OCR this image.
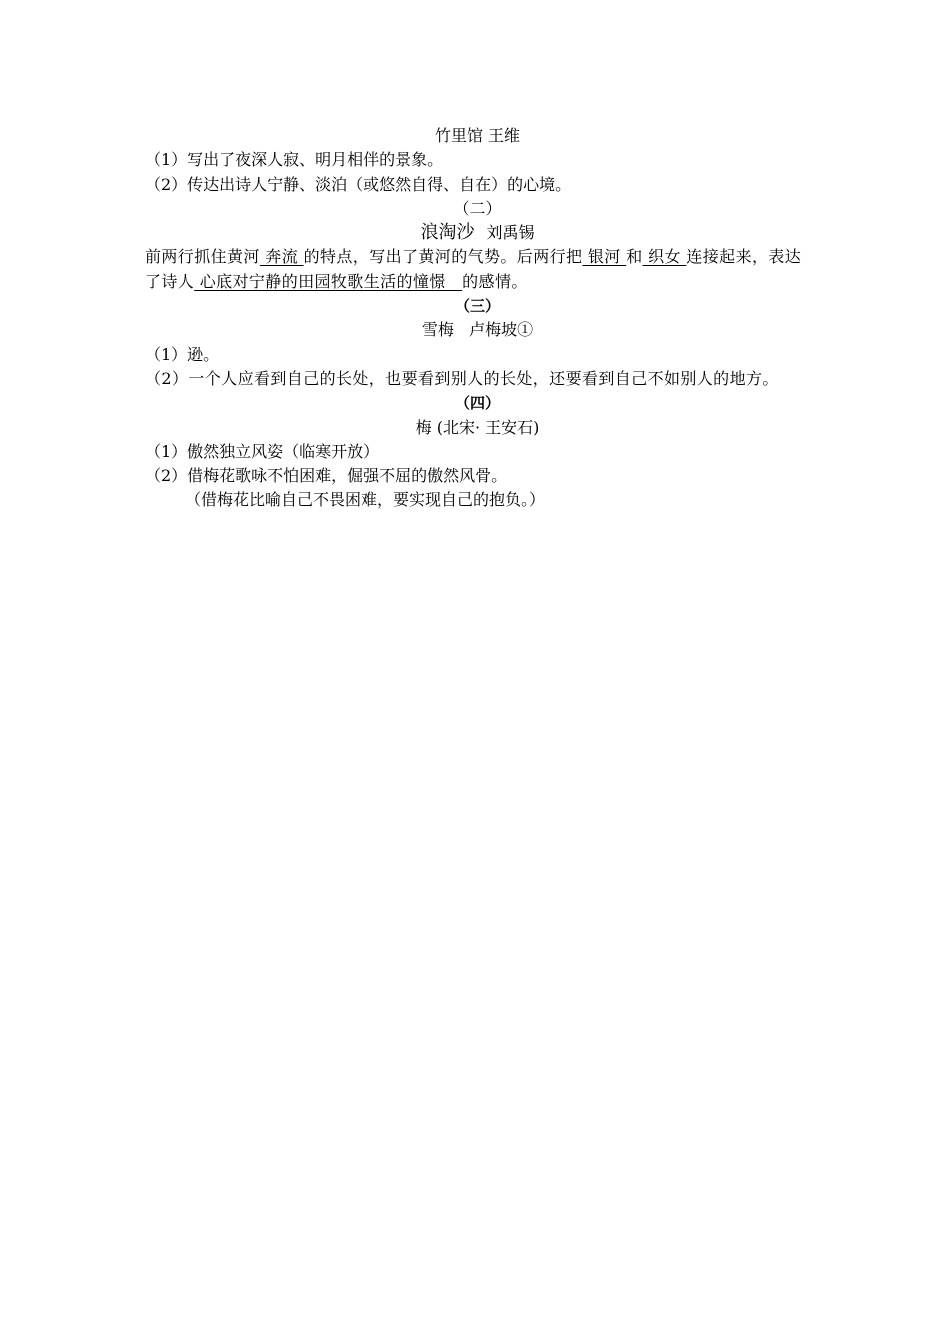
竹里馆 王维
（1）写出了夜深人寂、明月相伴的景象。
（2）传达出诗人宁静、淡泊（或悠然自得、自在）的心境。
（二）
浪淘沙 刘禹锡
前两行抓住黄河 奔流 的特点，写出了黄河的气势。后两行把 银河 和 织女 连接起来，表达了诗人 心底对宁静的田园牧歌生活的憧憬   的感情。
（三）
雪梅   卢梅坡①
（1）逊。
（2）一个人应看到自己的长处，也要看到别人的长处，还要看到自己不如别人的地方。
（四）
梅 (北宋· 王安石)
（1）傲然独立风姿（临寒开放）
（2）借梅花歌咏不怕困难，倔强不屈的傲然风骨。
（借梅花比喻自己不畏困难，要实现自己的抱负。）
